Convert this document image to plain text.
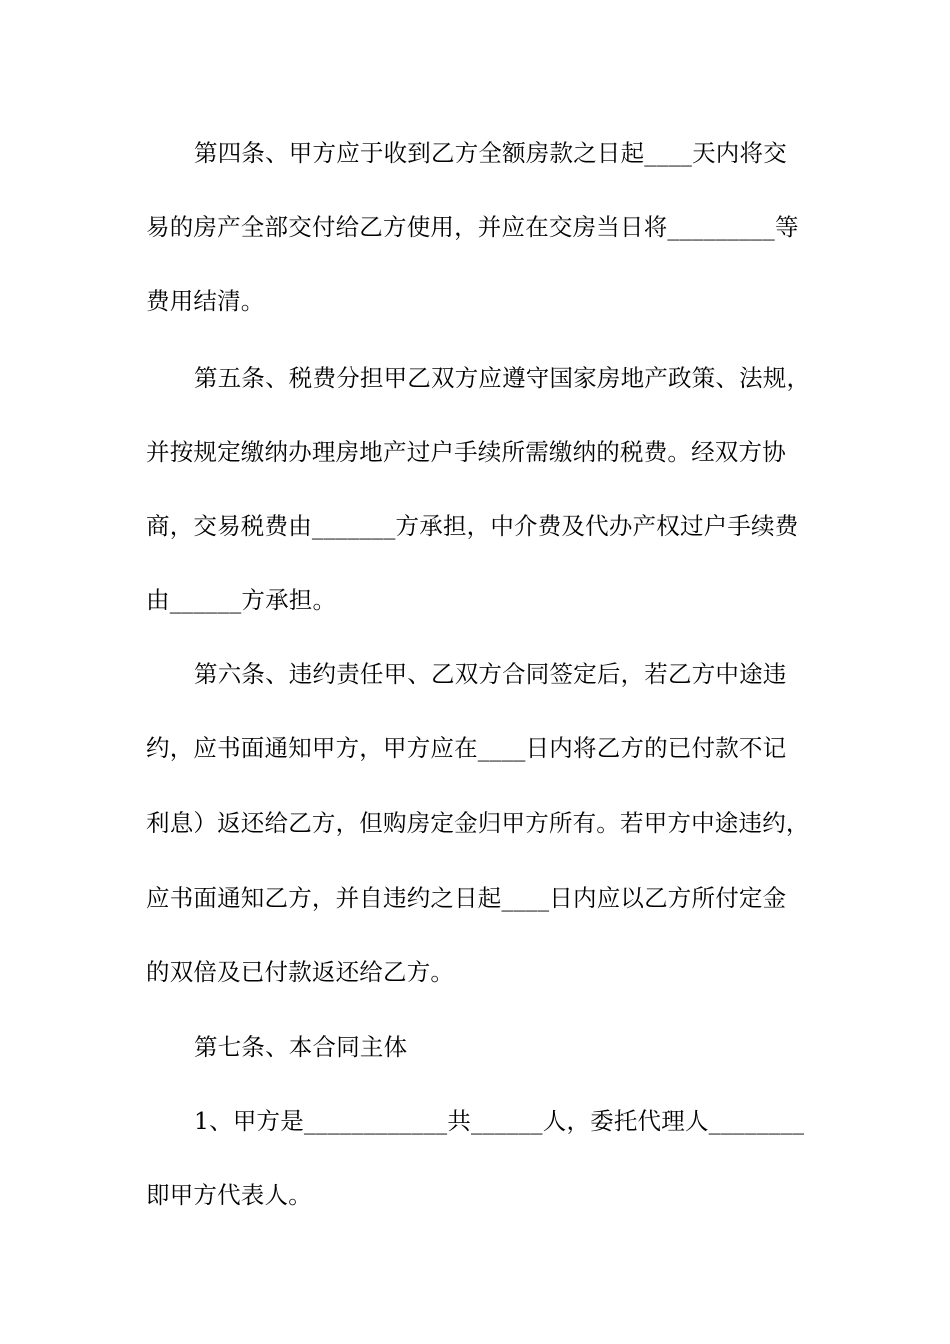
第四条、甲方应于收到乙方全额房款之日起____天内将交
易的房产全部交付给乙方使用，并应在交房当日将_________等
费用结清。
第五条、税费分担甲乙双方应遵守国家房地产政策、法规，
并按规定缴纳办理房地产过户手续所需缴纳的税费。经双方协
商，交易税费由_______方承担，中介费及代办产权过户手续费
由______方承担。
第六条、违约责任甲、乙双方合同签定后，若乙方中途违
约，应书面通知甲方，甲方应在____日内将乙方的已付款不记
利息）返还给乙方，但购房定金归甲方所有。若甲方中途违约，
应书面通知乙方，并自违约之日起____日内应以乙方所付定金
的双倍及已付款返还给乙方。
第七条、本合同主体
1、甲方是____________共______人，委托代理人________
即甲方代表人。
